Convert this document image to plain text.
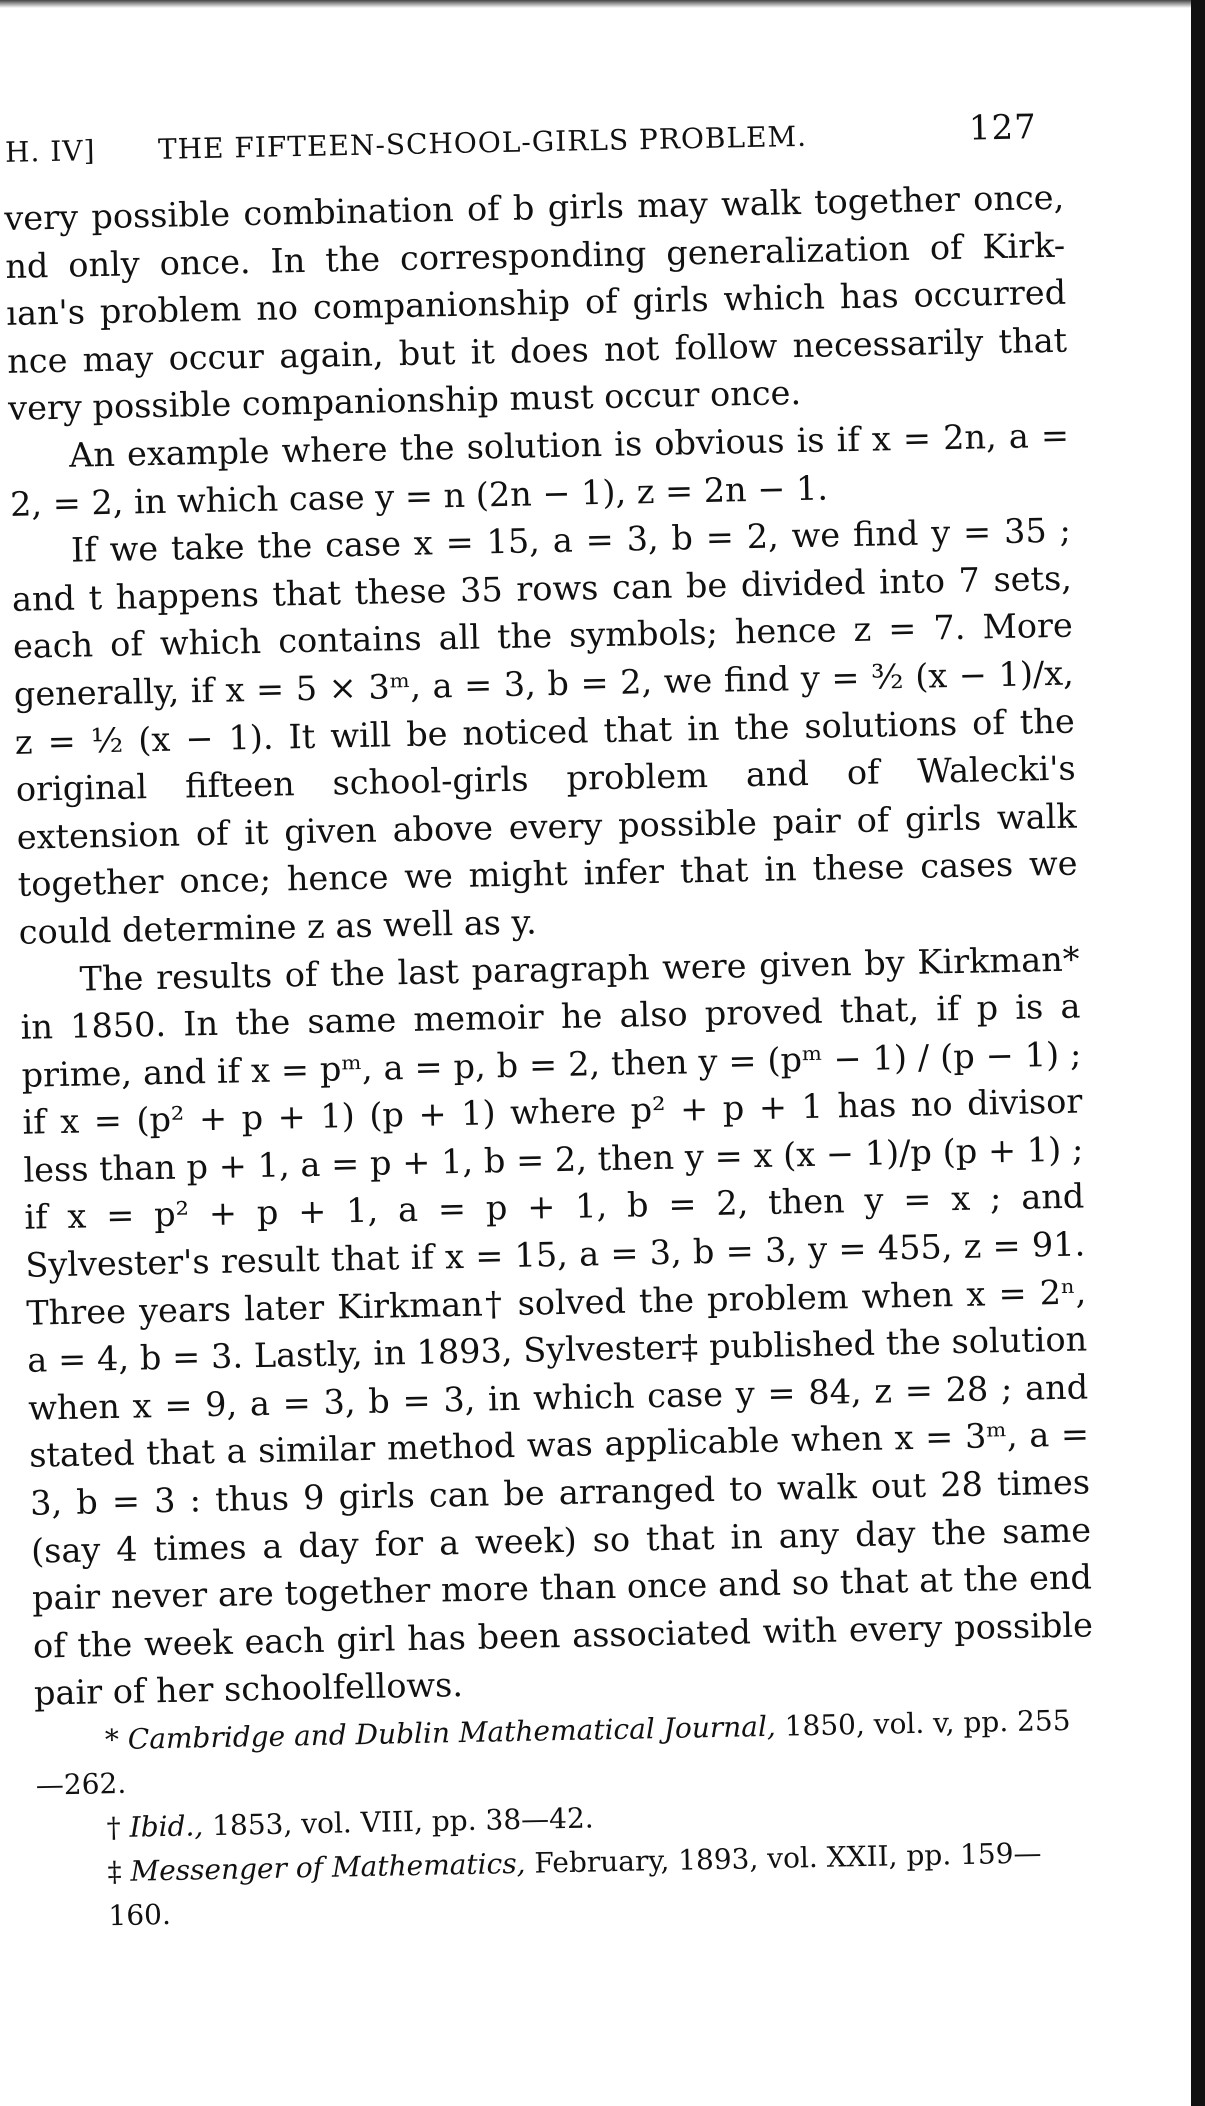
H. IV] THE FIFTEEN-SCHOOL-GIRLS PROBLEM.	127

very possible combination of b girls may walk together once, nd only once. In the corresponding generalization of Kirk-ıan's problem no companionship of girls which has occurred nce may occur again, but it does not follow necessarily that very possible companionship must occur once.

An example where the solution is obvious is if x = 2n, a = 2, = 2, in which case y = n (2n − 1), z = 2n − 1.

If we take the case x = 15, a = 3, b = 2, we find y = 35 ; and t happens that these 35 rows can be divided into 7 sets, each of which contains all the symbols; hence z = 7. More generally, if x = 5 × 3ᵐ, a = 3, b = 2, we find y = ³⁄₂ (x − 1)/x, z = ½ (x − 1). It will be noticed that in the solutions of the original fifteen school-girls problem and of Walecki's extension of it given above every possible pair of girls walk together once; hence we might infer that in these cases we could determine z as well as y.

The results of the last paragraph were given by Kirkman* in 1850. In the same memoir he also proved that, if p is a prime, and if x = pᵐ, a = p, b = 2, then y = (pᵐ − 1) / (p − 1) ; if x = (p² + p + 1) (p + 1) where p² + p + 1 has no divisor less than p + 1, a = p + 1, b = 2, then y = x (x − 1)/p (p + 1) ; if x = p² + p + 1, a = p + 1, b = 2, then y = x ; and Sylvester's result that if x = 15, a = 3, b = 3, y = 455, z = 91. Three years later Kirkman† solved the problem when x = 2ⁿ, a = 4, b = 3. Lastly, in 1893, Sylvester‡ published the solution when x = 9, a = 3, b = 3, in which case y = 84, z = 28 ; and stated that a similar method was applicable when x = 3ᵐ, a = 3, b = 3 : thus 9 girls can be arranged to walk out 28 times (say 4 times a day for a week) so that in any day the same pair never are together more than once and so that at the end of the week each girl has been associated with every possible pair of her schoolfellows.

* Cambridge and Dublin Mathematical Journal, 1850, vol. v, pp. 255

—262.

† Ibid., 1853, vol. VIII, pp. 38—42.

‡ Messenger of Mathematics, February, 1893, vol. XXII, pp. 159—160.
